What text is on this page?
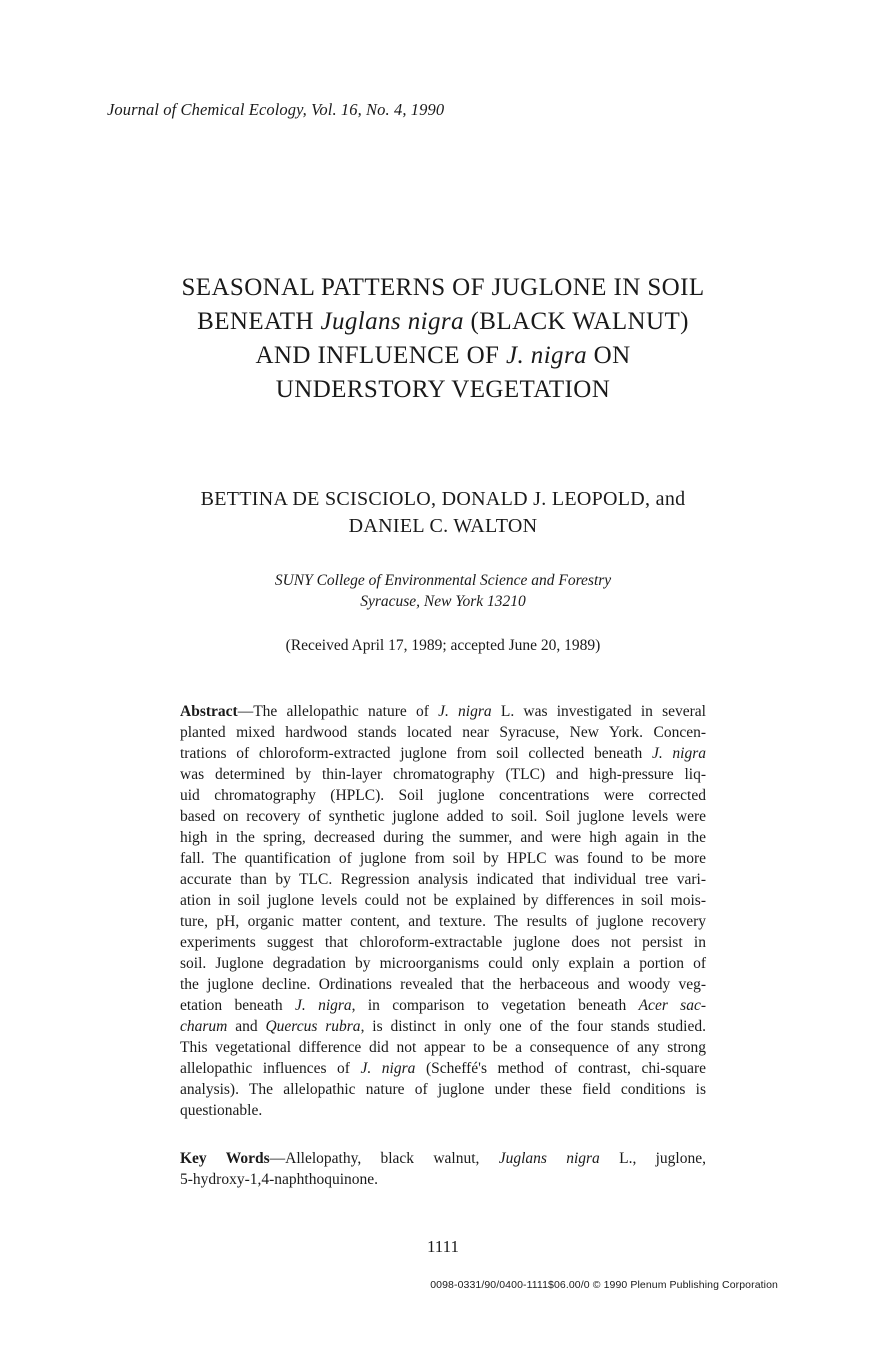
Journal of Chemical Ecology, Vol. 16, No. 4, 1990
SEASONAL PATTERNS OF JUGLONE IN SOIL
BENEATH Juglans nigra (BLACK WALNUT)
AND INFLUENCE OF J. nigra ON
UNDERSTORY VEGETATION
BETTINA DE SCISCIOLO, DONALD J. LEOPOLD, and
DANIEL C. WALTON
SUNY College of Environmental Science and Forestry
Syracuse, New York 13210
(Received April 17, 1989; accepted June 20, 1989)
Abstract—The allelopathic nature of J. nigra L. was investigated in several
planted mixed hardwood stands located near Syracuse, New York. Concen-
trations of chloroform-extracted juglone from soil collected beneath J. nigra
was determined by thin-layer chromatography (TLC) and high-pressure liq-
uid chromatography (HPLC). Soil juglone concentrations were corrected
based on recovery of synthetic juglone added to soil. Soil juglone levels were
high in the spring, decreased during the summer, and were high again in the
fall. The quantification of juglone from soil by HPLC was found to be more
accurate than by TLC. Regression analysis indicated that individual tree vari-
ation in soil juglone levels could not be explained by differences in soil mois-
ture, pH, organic matter content, and texture. The results of juglone recovery
experiments suggest that chloroform-extractable juglone does not persist in
soil. Juglone degradation by microorganisms could only explain a portion of
the juglone decline. Ordinations revealed that the herbaceous and woody veg-
etation beneath J. nigra, in comparison to vegetation beneath Acer sac-
charum and Quercus rubra, is distinct in only one of the four stands studied.
This vegetational difference did not appear to be a consequence of any strong
allelopathic influences of J. nigra (Scheffé's method of contrast, chi-square
analysis). The allelopathic nature of juglone under these field conditions is
questionable.
Key Words—Allelopathy, black walnut, Juglans nigra L., juglone,
5-hydroxy-1,4-naphthoquinone.
1111
0098-0331/90/0400-1111$06.00/0 © 1990 Plenum Publishing Corporation
